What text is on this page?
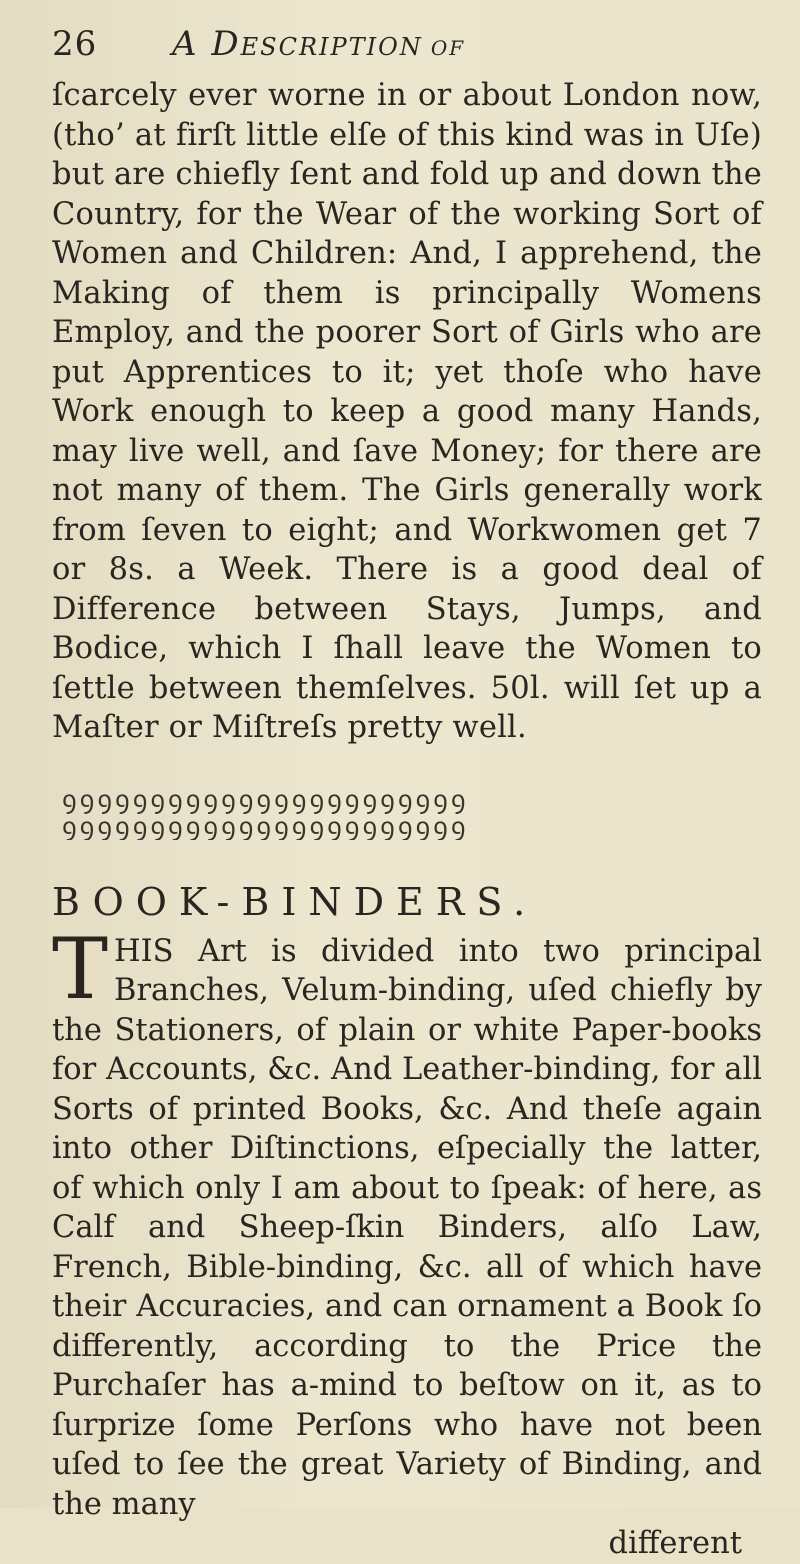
26	A Description of

ſcarcely ever worne in or about London now, (tho’ at firſt little elſe of this kind was in Uſe) but are chiefly ſent and fold up and down the Country, for the Wear of the working Sort of Women and Children: And, I apprehend, the Making of them is principally Womens Employ, and the poorer Sort of Girls who are put Apprentices to it; yet thoſe who have Work enough to keep a good many Hands, may live well, and ſave Money; for there are not many of them. The Girls generally work from ſeven to eight; and Workwomen get 7 or 8s. a Week. There is a good deal of Difference between Stays, Jumps, and Bodice, which I ſhall leave the Women to ſettle between themſelves. 50l. will ſet up a Maſter or Miſtreſs pretty well.

ꝯꝯꝯꝯꝯꝯꝯꝯꝯꝯꝯꝯꝯꝯꝯꝯꝯꝯꝯꝯꝯꝯꝯ
ꝯꝯꝯꝯꝯꝯꝯꝯꝯꝯꝯꝯꝯꝯꝯꝯꝯꝯꝯꝯꝯꝯꝯ
BOOK-BINDERS.

THIS Art is divided into two principal Branches, Velum-binding, uſed chiefly by the Stationers, of plain or white Paper-books for Accounts, &c. And Leather-binding, for all Sorts of printed Books, &c. And theſe again into other Diſtinctions, eſpecially the latter, of which only I am about to ſpeak: of here, as Calf and Sheep-ſkin Binders, alſo Law, French, Bible-binding, &c. all of which have their Accuracies, and can ornament a Book ſo differently, according to the Price the Purchaſer has a-mind to beſtow on it, as to ſurprize ſome Perſons who have not been uſed to ſee the great Variety of Binding, and the many

different
